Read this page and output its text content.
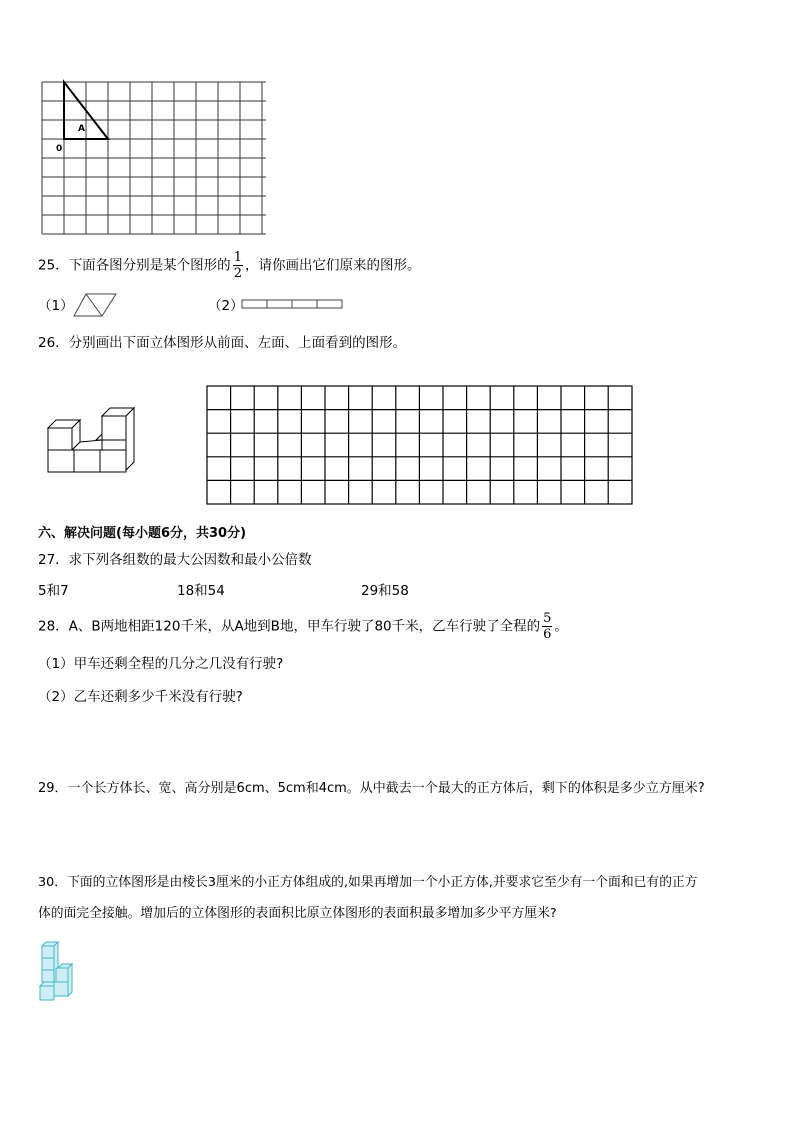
A
0
25．下面各图分别是某个图形的 $\frac{1}{2}$ ，请你画出它们原来的图形。
（1）	（2）
26．分别画出下面立体图形从前面、左面、上面看到的图形。
六、解决问题(每小题6分，共30分)
27．求下列各组数的最大公因数和最小公倍数
5和7	18和54	29和58
28．A、B两地相距120千米，从A地到B地，甲车行驶了80千米，乙车行驶了全程的 $\frac{5}{6}$ 。
（1）甲车还剩全程的几分之几没有行驶?
（2）乙车还剩多少千米没有行驶?
29．一个长方体长、宽、高分别是6cm、5cm和4cm。从中截去一个最大的正方体后，剩下的体积是多少立方厘米?
30．下面的立体图形是由棱长3厘米的小正方体组成的,如果再增加一个小正方体,并要求它至少有一个面和已有的正方
体的面完全接触。增加后的立体图形的表面积比原立体图形的表面积最多增加多少平方厘米?
